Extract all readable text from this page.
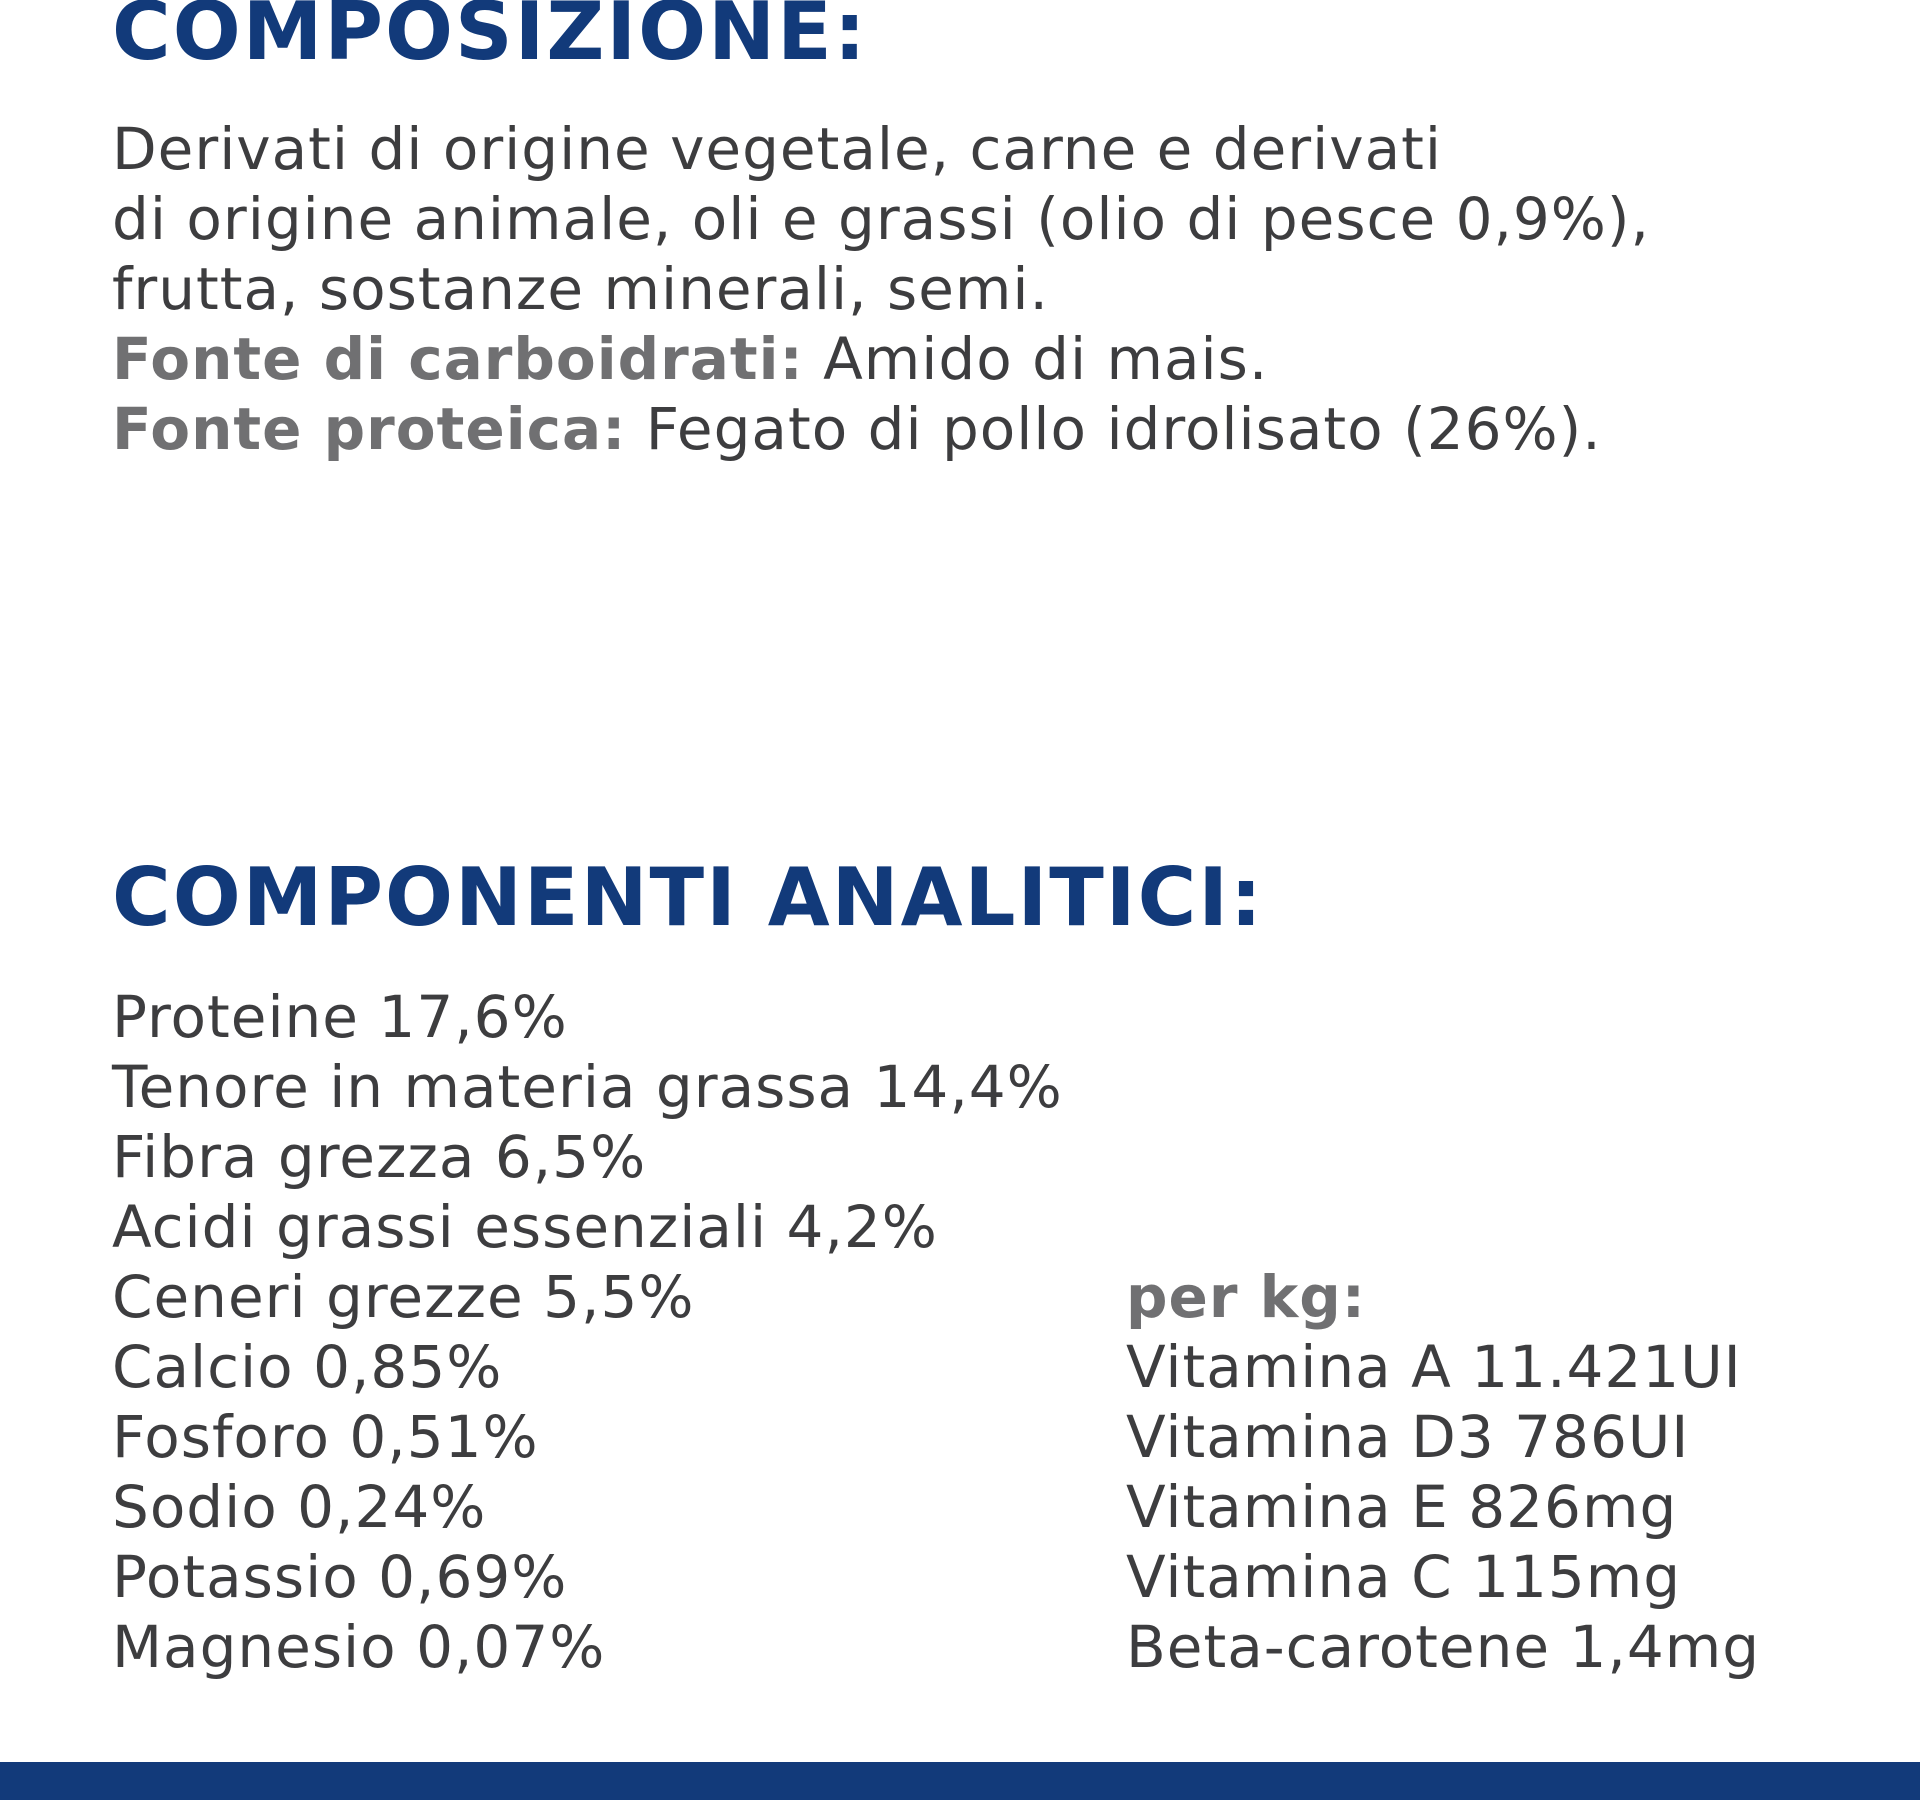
COMPOSIZIONE:
Derivati di origine vegetale, carne e derivati
di origine animale, oli e grassi (olio di pesce 0,9%),
frutta, sostanze minerali, semi.
Fonte di carboidrati: Amido di mais.
Fonte proteica: Fegato di pollo idrolisato (26%).
COMPONENTI ANALITICI:
Proteine 17,6%
Tenore in materia grassa 14,4%
Fibra grezza 6,5%
Acidi grassi essenziali 4,2%
Ceneri grezze 5,5%
Calcio 0,85%
Fosforo 0,51%
Sodio 0,24%
Potassio 0,69%
Magnesio 0,07%
per kg:
Vitamina A 11.421UI
Vitamina D3 786UI
Vitamina E 826mg
Vitamina C 115mg
Beta-carotene 1,4mg
